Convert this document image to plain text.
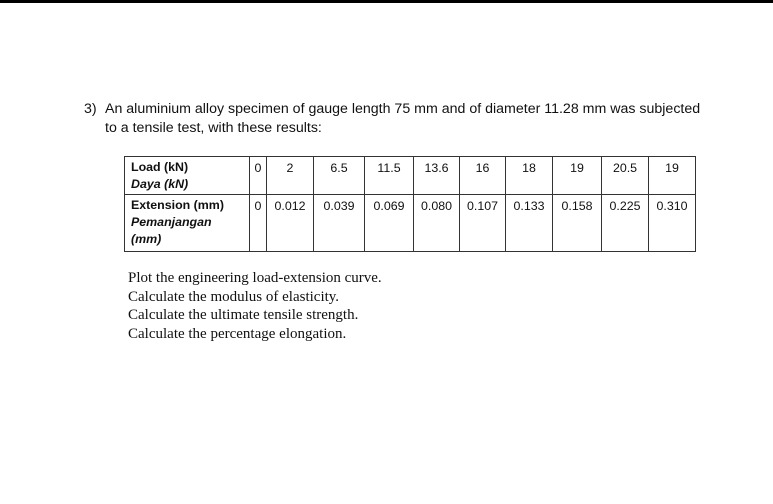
3) An aluminium alloy specimen of gauge length 75 mm and of diameter 11.28 mm was subjected to a tensile test, with these results:
Load (kN)
Daya (kN)	0	2	6.5	11.5	13.6	16	18	19	20.5	19
Extension (mm)
Pemanjangan
(mm)	0	0.012	0.039	0.069	0.080	0.107	0.133	0.158	0.225	0.310
Plot the engineering load-extension curve.
Calculate the modulus of elasticity.
Calculate the ultimate tensile strength.
Calculate the percentage elongation.
